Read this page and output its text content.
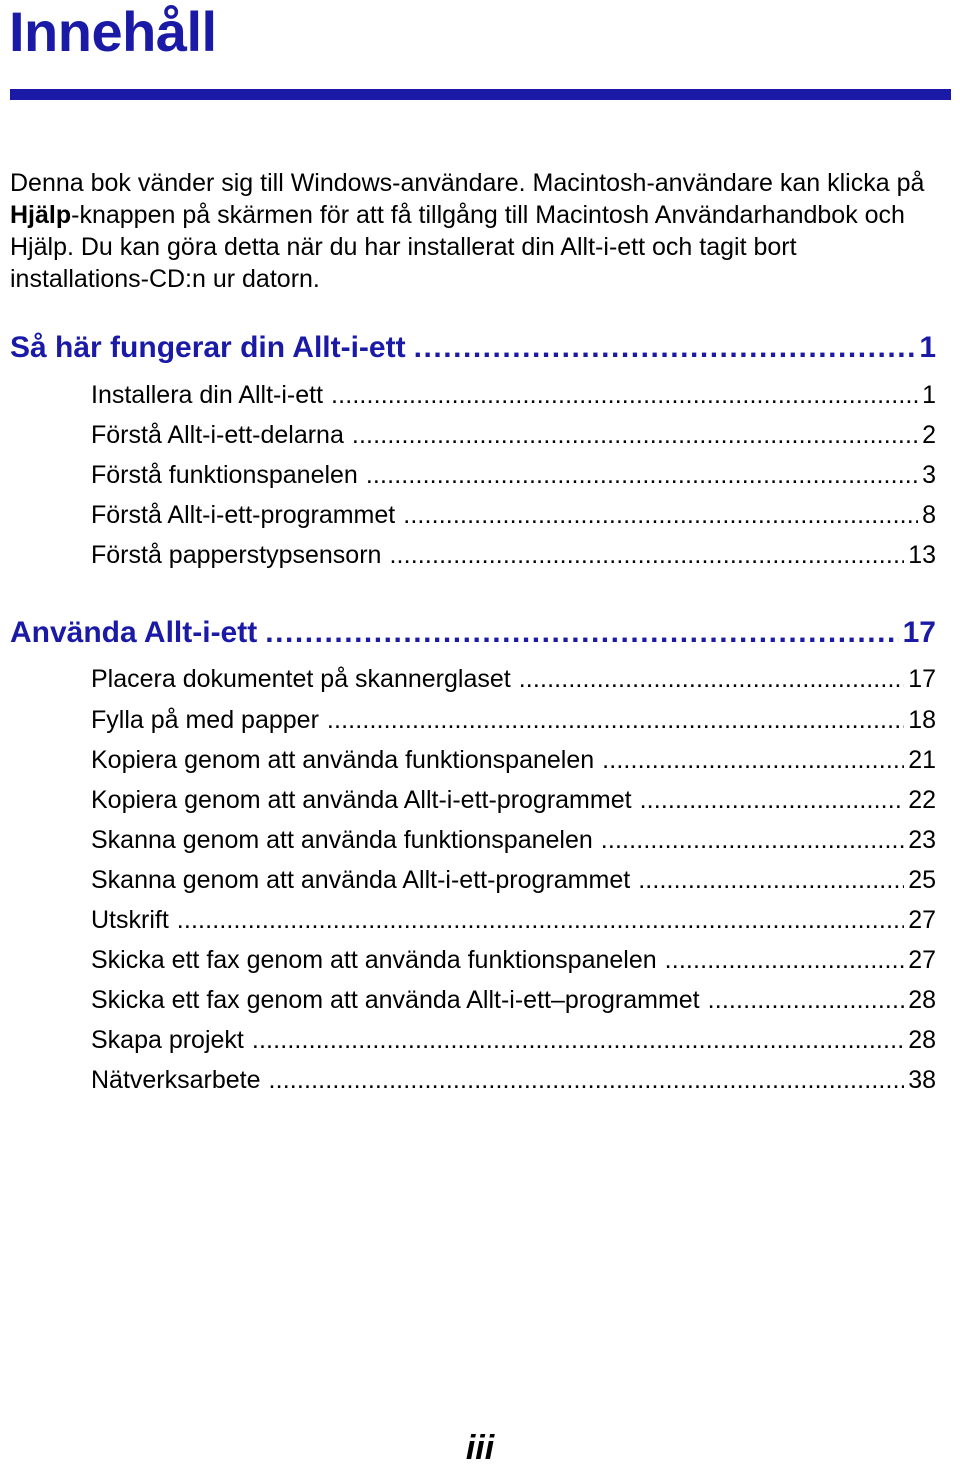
Innehåll
Denna bok vänder sig till Windows-användare. Macintosh-användare kan klicka på
Hjälp-knappen på skärmen för att få tillgång till Macintosh Användarhandbok och
Hjälp. Du kan göra detta när du har installerat din Allt-i-ett och tagit bort
installations-CD:n ur datorn.
Så här fungerar din Allt-i-ett . . .	1
Installera din Allt-i-ett . . .	1
Förstå Allt-i-ett-delarna . . .	2
Förstå funktionspanelen . . .	3
Förstå Allt-i-ett-programmet . . .	8
Förstå papperstypsensorn . . .	13
Använda Allt-i-ett . . .	17
Placera dokumentet på skannerglaset . . .	17
Fylla på med papper . . .	18
Kopiera genom att använda funktionspanelen . . .	21
Kopiera genom att använda Allt-i-ett-programmet . . .	22
Skanna genom att använda funktionspanelen . . .	23
Skanna genom att använda Allt-i-ett-programmet . . .	25
Utskrift . . .	27
Skicka ett fax genom att använda funktionspanelen . . .	27
Skicka ett fax genom att använda Allt-i-ett–programmet . . .	28
Skapa projekt . . .	28
Nätverksarbete . . .	38
iii
